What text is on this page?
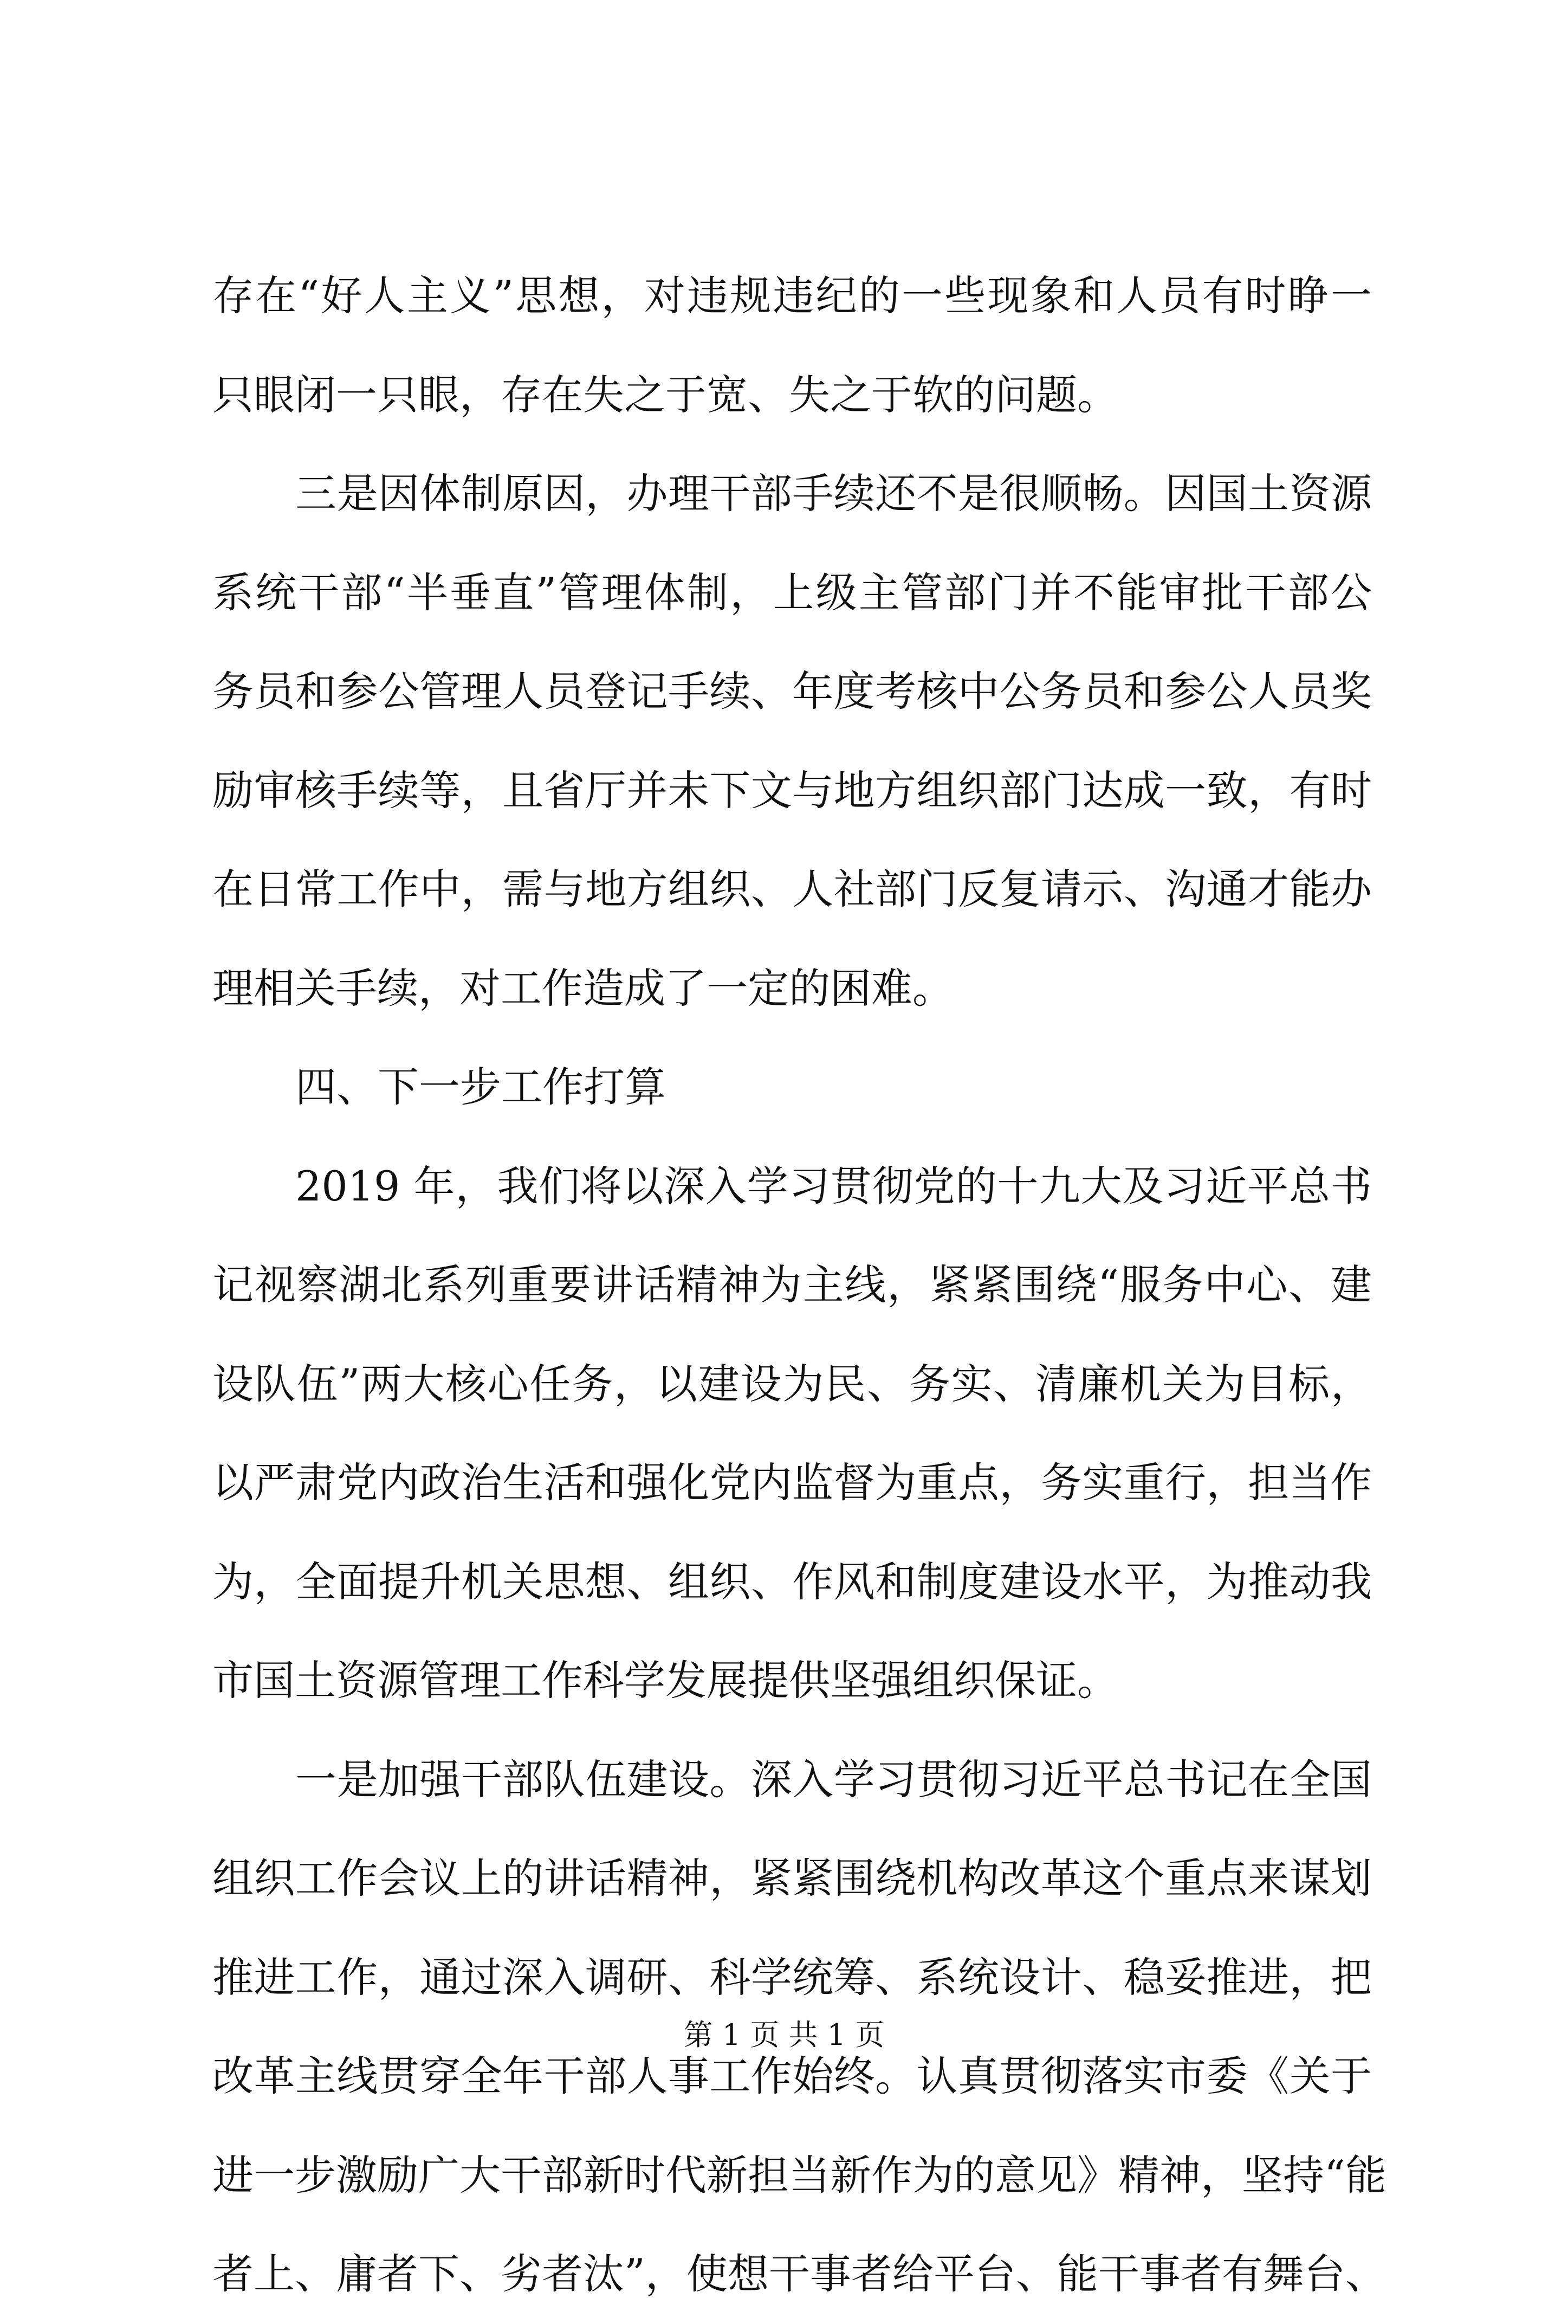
存在“好人主义”思想，对违规违纪的一些现象和人员有时睁一
只眼闭一只眼，存在失之于宽、失之于软的问题。
三是因体制原因，办理干部手续还不是很顺畅。因国土资源
系统干部“半垂直”管理体制，上级主管部门并不能审批干部公
务员和参公管理人员登记手续、年度考核中公务员和参公人员奖
励审核手续等，且省厅并未下文与地方组织部门达成一致，有时
在日常工作中，需与地方组织、人社部门反复请示、沟通才能办
理相关手续，对工作造成了一定的困难。
四、下一步工作打算
2019 年，我们将以深入学习贯彻党的十九大及习近平总书
记视察湖北系列重要讲话精神为主线，紧紧围绕“服务中心、建
设队伍”两大核心任务，以建设为民、务实、清廉机关为目标，
以严肃党内政治生活和强化党内监督为重点，务实重行，担当作
为，全面提升机关思想、组织、作风和制度建设水平，为推动我
市国土资源管理工作科学发展提供坚强组织保证。
一是加强干部队伍建设。深入学习贯彻习近平总书记在全国
组织工作会议上的讲话精神，紧紧围绕机构改革这个重点来谋划
推进工作，通过深入调研、科学统筹、系统设计、稳妥推进，把
改革主线贯穿全年干部人事工作始终。认真贯彻落实市委《关于
进一步激励广大干部新时代新担当新作为的意见》精神，坚持“能
者上、庸者下、劣者汰”，使想干事者给平台、能干事者有舞台、
第 1 页 共 1 页
